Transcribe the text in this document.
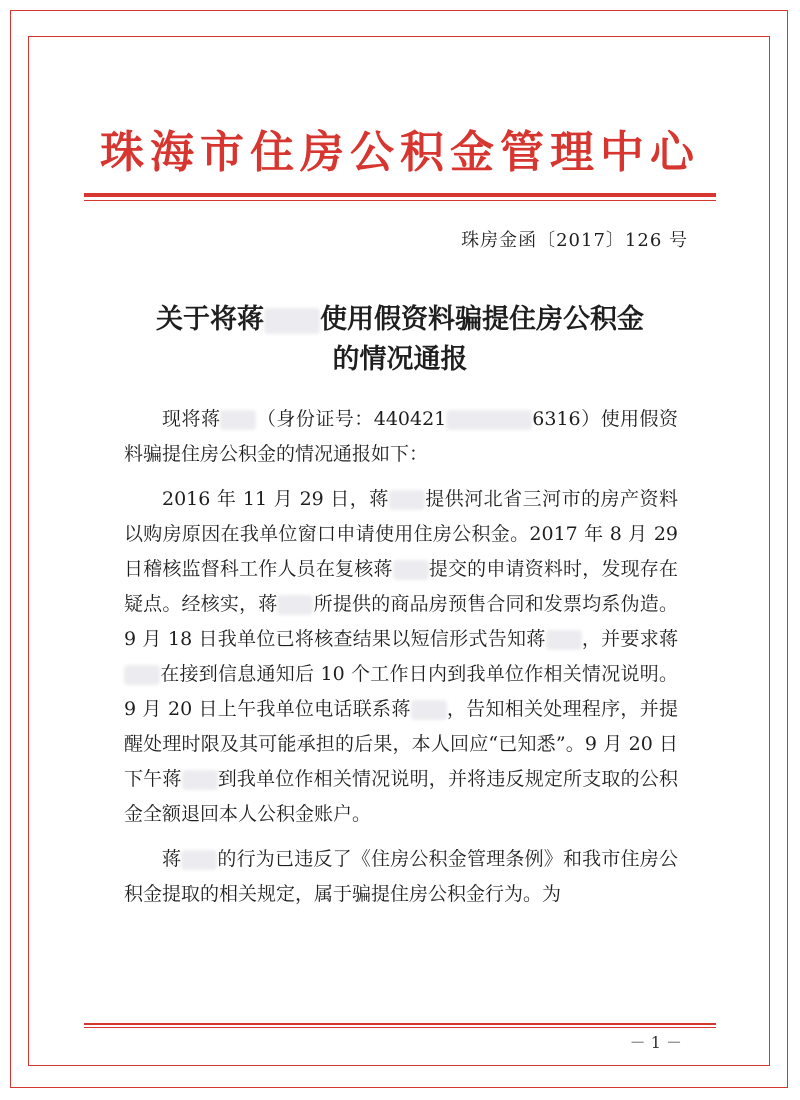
珠海市住房公积金管理中心
珠房金函〔2017〕126 号
关于将蒋 使用假资料骗提住房公积金
的情况通报

现将蒋 （身份证号：440421	6316）使用假资料骗提住房公积金的情况通报如下：

2016 年 11 月 29 日，蒋 提供河北省三河市的房产资料以购房原因在我单位窗口申请使用住房公积金。2017 年 8 月 29 日稽核监督科工作人员在复核蒋 提交的申请资料时，发现存在疑点。经核实，蒋 所提供的商品房预售合同和发票均系伪造。9 月 18 日我单位已将核查结果以短信形式告知蒋 ，并要求蒋在接到信息通知后 10 个工作日内到我单位作相关情况说明。9 月 20 日上午我单位电话联系蒋 ，告知相关处理程序，并提醒处理时限及其可能承担的后果，本人回应“已知悉”。9 月 20 日下午蒋 到我单位作相关情况说明，并将违反规定所支取的公积金全额退回本人公积金账户。

蒋 的行为已违反了《住房公积金管理条例》和我市住房公积金提取的相关规定，属于骗提住房公积金行为。为

－ 1 －
